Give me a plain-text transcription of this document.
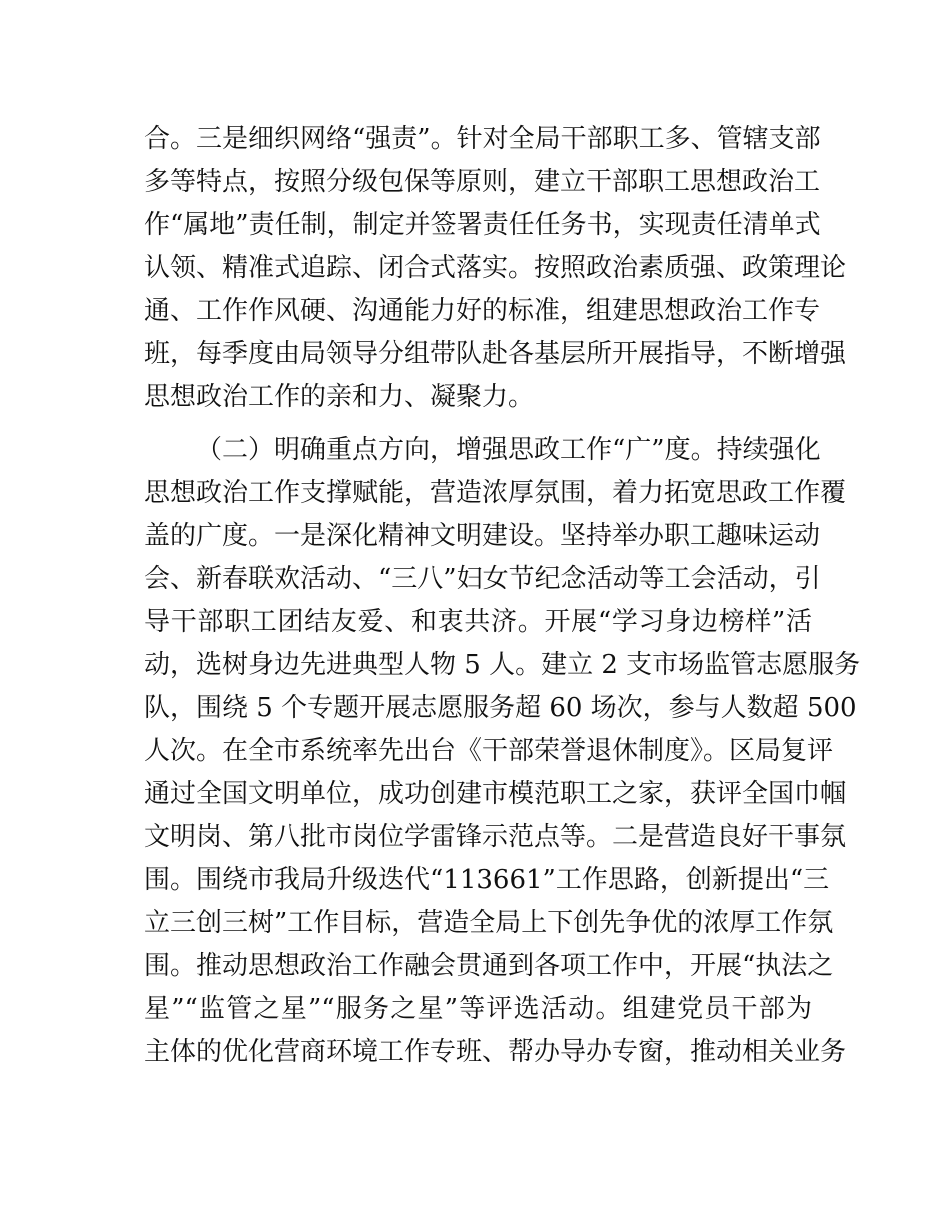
合。三是细织网络“强责”。针对全局干部职工多、管辖支部
多等特点，按照分级包保等原则，建立干部职工思想政治工
作“属地”责任制，制定并签署责任任务书，实现责任清单式
认领、精准式追踪、闭合式落实。按照政治素质强、政策理论
通、工作作风硬、沟通能力好的标准，组建思想政治工作专
班，每季度由局领导分组带队赴各基层所开展指导，不断增强
思想政治工作的亲和力、凝聚力。
（二）明确重点方向，增强思政工作“广”度。持续强化
思想政治工作支撑赋能，营造浓厚氛围，着力拓宽思政工作覆
盖的广度。一是深化精神文明建设。坚持举办职工趣味运动
会、新春联欢活动、“三八”妇女节纪念活动等工会活动，引
导干部职工团结友爱、和衷共济。开展“学习身边榜样”活
动，选树身边先进典型人物 5 人。建立 2 支市场监管志愿服务
队，围绕 5 个专题开展志愿服务超 60 场次，参与人数超 500
人次。在全市系统率先出台《干部荣誉退休制度》。区局复评
通过全国文明单位，成功创建市模范职工之家，获评全国巾帼
文明岗、第八批市岗位学雷锋示范点等。二是营造良好干事氛
围。围绕市我局升级迭代“113661”工作思路，创新提出“三
立三创三树”工作目标，营造全局上下创先争优的浓厚工作氛
围。推动思想政治工作融会贯通到各项工作中，开展“执法之
星”“监管之星”“服务之星”等评选活动。组建党员干部为
主体的优化营商环境工作专班、帮办导办专窗，推动相关业务
